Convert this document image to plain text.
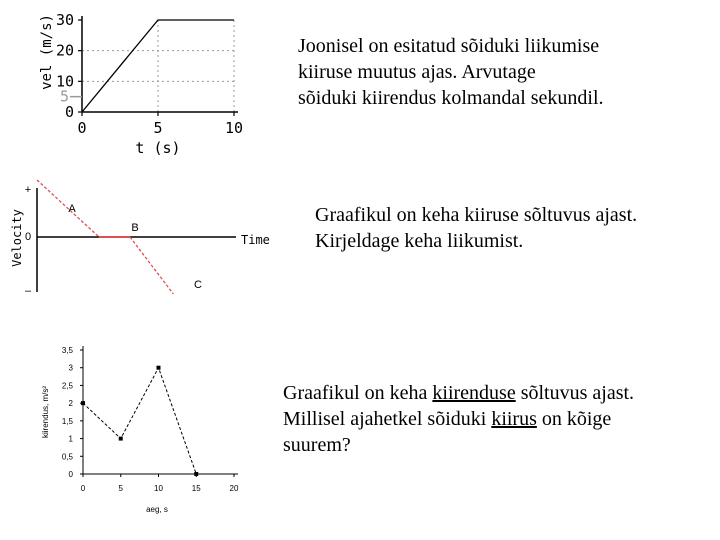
0	5	10
0
10
20
30
5
t (s)
vel (m/s)
+
0
–
Time
Velocity
A
B
C
0
0,5
1
1,5
2
2,5
3
3,5
0	5	10	15	20
aeg, s
kiirendus, m/s²

Joonisel on esitatud sõiduki liikumise

kiiruse muutus ajas. Arvutage

sõiduki kiirendus kolmandal sekundil.

Graafikul on keha kiiruse sõltuvus ajast.

Kirjeldage keha liikumist.

Graafikul on keha kiirenduse sõltuvus ajast.

Millisel ajahetkel sõiduki kiirus on kõige

suurem?
